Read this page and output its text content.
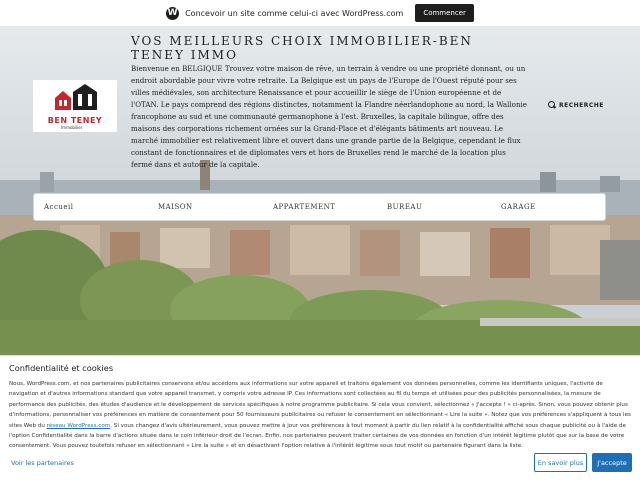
W Concevoir un site comme celui-ci avec WordPress.com	Commencer
BEN TENEY
Immobilier
VOS MEILLEURS CHOIX IMMOBILIER-BEN TENEY IMMO
Bienvenue en BELGIQUE Trouvez votre maison de rêve, un terrain à vendre ou une propriété donnant, ou un endroit abordable pour vivre votre retraite. La Belgique est un pays de l'Europe de l'Ouest réputé pour ses villes médiévales, son architecture Renaissance et pour accueillir le siège de l'Union européenne et de l'OTAN. Le pays comprend des régions distinctes, notamment la Flandre néerlandophone au nord, la Wallonie francophone au sud et une communauté germanophone à l'est. Bruxelles, la capitale bilingue, offre des maisons des corporations richement ornées sur la Grand-Place et d'élégants bâtiments art nouveau. Le marché immobilier est relativement libre et ouvert dans une grande partie de la Belgique, cependant le flux constant de fonctionnaires et de diplomates vers et hors de Bruxelles rend le marché de la location plus fermé dans et autour de la capitale.
RECHERCHE
Accueil	MAISON	APPARTEMENT	BUREAU	GARAGE
Confidentialité et cookies

Nous, WordPress.com, et nos partenaires publicitaires conservons et/ou accédons aux informations sur votre appareil et traitons également vos données personnelles, comme les identifiants uniques, l'activité de navigation et d'autres informations standard que votre appareil transmet, y compris votre adresse IP. Ces informations sont collectées au fil du temps et utilisées pour des publicités personnalisées, la mesure de performance des publicités, des études d'audience et le développement de services spécifiques à notre programme publicitaire. Si cela vous convient, sélectionnez « J'accepte ! » ci-après. Sinon, vous pouvez obtenir plus d'informations, personnaliser vos préférences en matière de consentement pour 50 fournisseurs publicitaires ou refuser le consentement en sélectionnant « Lire la suite ». Notez que vos préférences s'appliquent à tous les sites Web du réseau WordPress.com. Si vous changez d'avis ultérieurement, vous pouvez mettre à jour vos préférences à tout moment à partir du lien relatif à la confidentialité affiché sous chaque publicité ou à l'aide de l'option Confidentialité dans la barre d'actions située dans le coin inférieur droit de l'écran. Enfin, nos partenaires peuvent traiter certaines de vos données en fonction d'un intérêt légitime plutôt que sur la base de votre consentement. Vous pouvez toutefois refuser en sélectionnant « Lire la suite » et en désactivant l'option relative à l'intérêt légitime sous tout motif ou partenaire figurant dans la liste.

Voir les partenaires	En savoir plus	J'accepte
